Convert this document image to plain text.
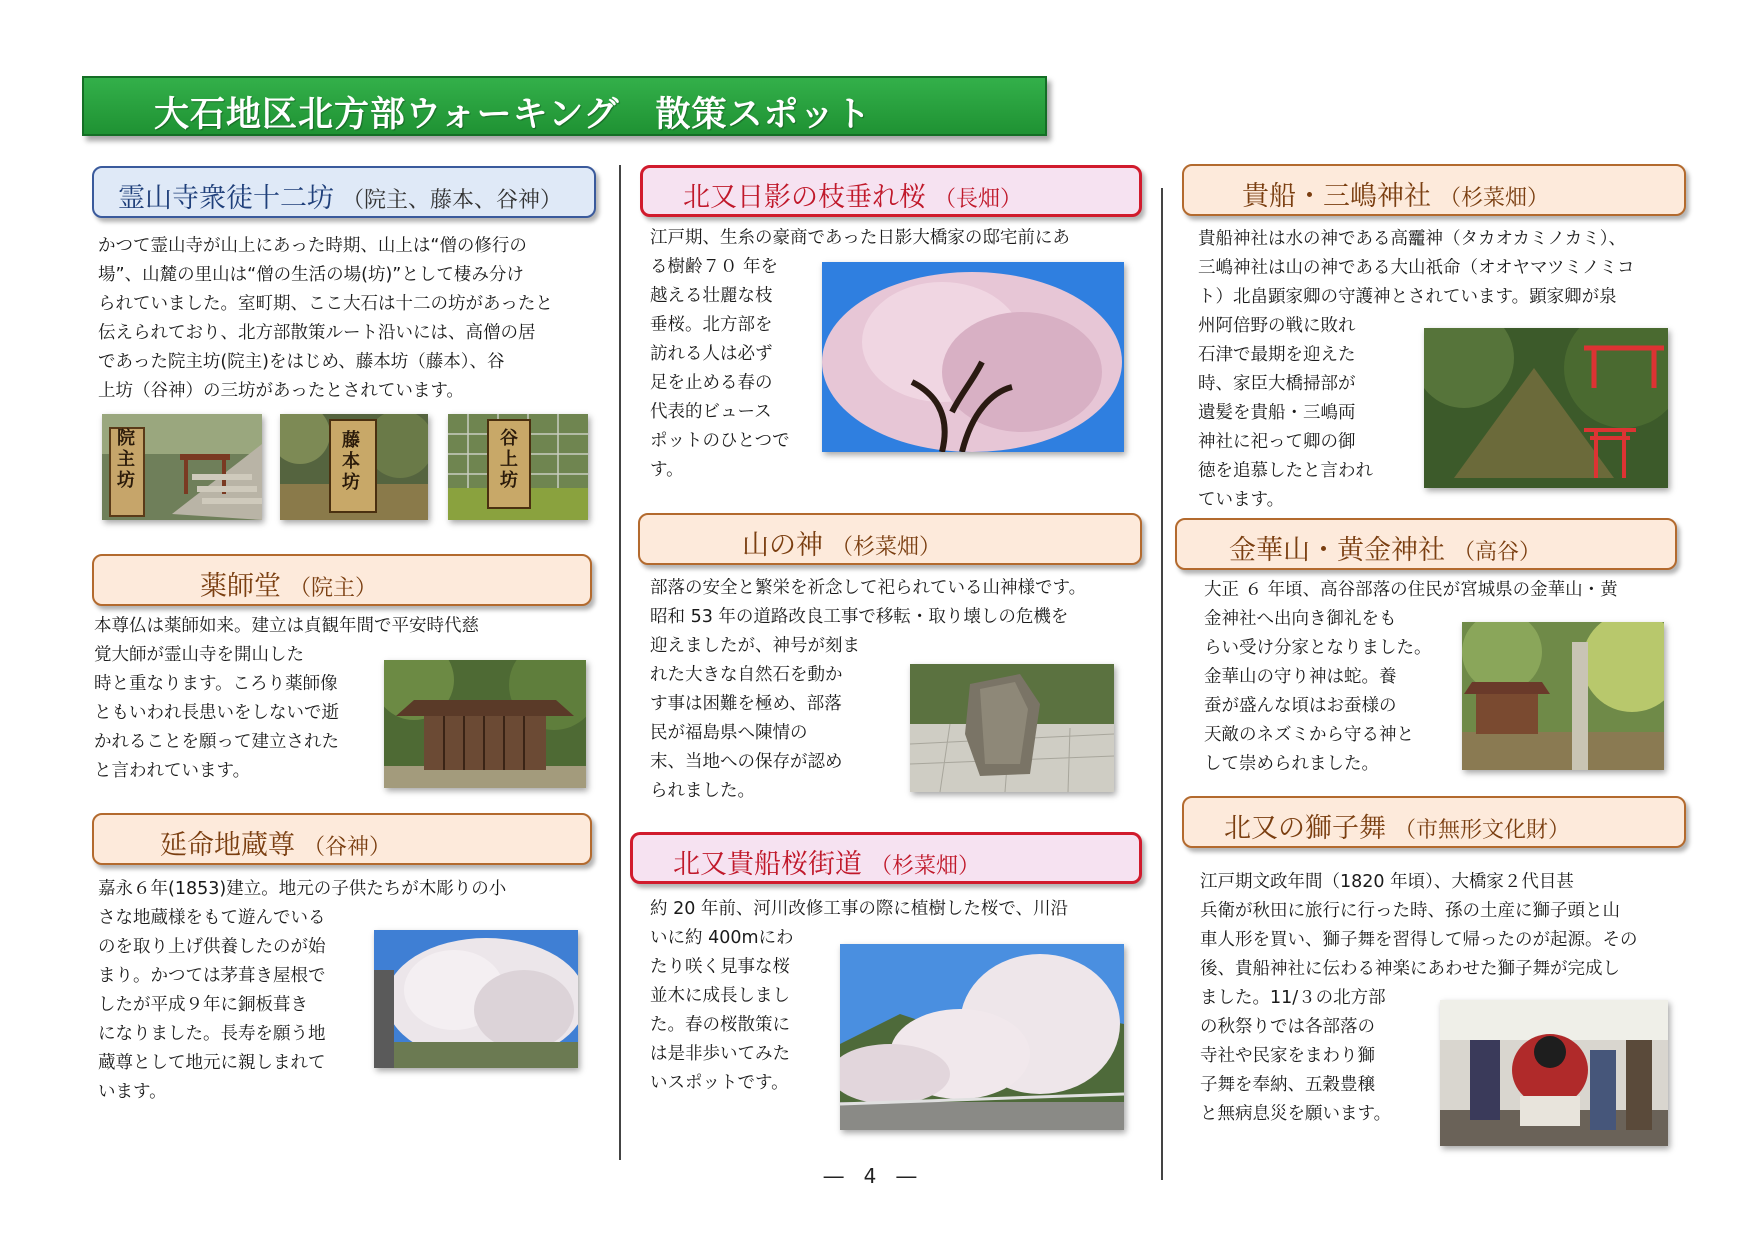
大石地区北方部ウォーキング　散策スポット
霊山寺衆徒十二坊 （院主、藤本、谷神）
かつて霊山寺が山上にあった時期、山上は“僧の修行の
場”、山麓の里山は“僧の生活の場(坊)”として棲み分け
られていました。室町期、ここ大石は十二の坊があったと
伝えられており、北方部散策ルート沿いには、高僧の居
であった院主坊(院主)をはじめ、藤本坊（藤本）、谷
上坊（谷神）の三坊があったとされています。
院主坊
藤本坊
谷上坊
薬師堂 （院主）
本尊仏は薬師如来。建立は貞観年間で平安時代慈
覚大師が霊山寺を開山した
時と重なります。ころり薬師像
ともいわれ長患いをしないで逝
かれることを願って建立された
と言われています。
延命地蔵尊 （谷神）
嘉永６年(1853)建立。地元の子供たちが木彫りの小
さな地蔵様をもて遊んでいる
のを取り上げ供養したのが始
まり。かつては茅葺き屋根で
したが平成９年に銅板葺き
になりました。長寿を願う地
蔵尊として地元に親しまれて
います。
北又日影の枝垂れ桜 （長畑）
江戸期、生糸の豪商であった日影大橋家の邸宅前にあ
る樹齢７０ 年を
越える壮麗な枝
垂桜。北方部を
訪れる人は必ず
足を止める春の
代表的ビュース
ポットのひとつで
す。
山の神 （杉菜畑）
部落の安全と繁栄を祈念して祀られている山神様です。
昭和 53 年の道路改良工事で移転・取り壊しの危機を
迎えましたが、神号が刻ま
れた大きな自然石を動か
す事は困難を極め、部落
民が福島県へ陳情の
末、当地への保存が認め
られました。
北又貴船桜街道 （杉菜畑）
約 20 年前、河川改修工事の際に植樹した桜で、川沿
いに約 400mにわ
たり咲く見事な桜
並木に成長しまし
た。春の桜散策に
は是非歩いてみた
いスポットです。
貴船・三嶋神社 （杉菜畑）
貴船神社は水の神である高龗神（タカオカミノカミ）、
三嶋神社は山の神である大山祇命（オオヤマツミノミコ
ト）北畠顕家卿の守護神とされています。顕家卿が泉
州阿倍野の戦に敗れ
石津で最期を迎えた
時、家臣大橋掃部が
遺髪を貴船・三嶋両
神社に祀って卿の御
徳を追慕したと言われ
ています。
金華山・黄金神社 （高谷）
大正 ６ 年頃、高谷部落の住民が宮城県の金華山・黄
金神社へ出向き御礼をも
らい受け分家となりました。
金華山の守り神は蛇。養
蚕が盛んな頃はお蚕様の
天敵のネズミから守る神と
して崇められました。
北又の獅子舞 （市無形文化財）
江戸期文政年間（1820 年頃）、大橋家２代目甚
兵衛が秋田に旅行に行った時、孫の土産に獅子頭と山
車人形を買い、獅子舞を習得して帰ったのが起源。その
後、貴船神社に伝わる神楽にあわせた獅子舞が完成し
ました。11/３の北方部
の秋祭りでは各部落の
寺社や民家をまわり獅
子舞を奉納、五穀豊穣
と無病息災を願います。
―　4　―
